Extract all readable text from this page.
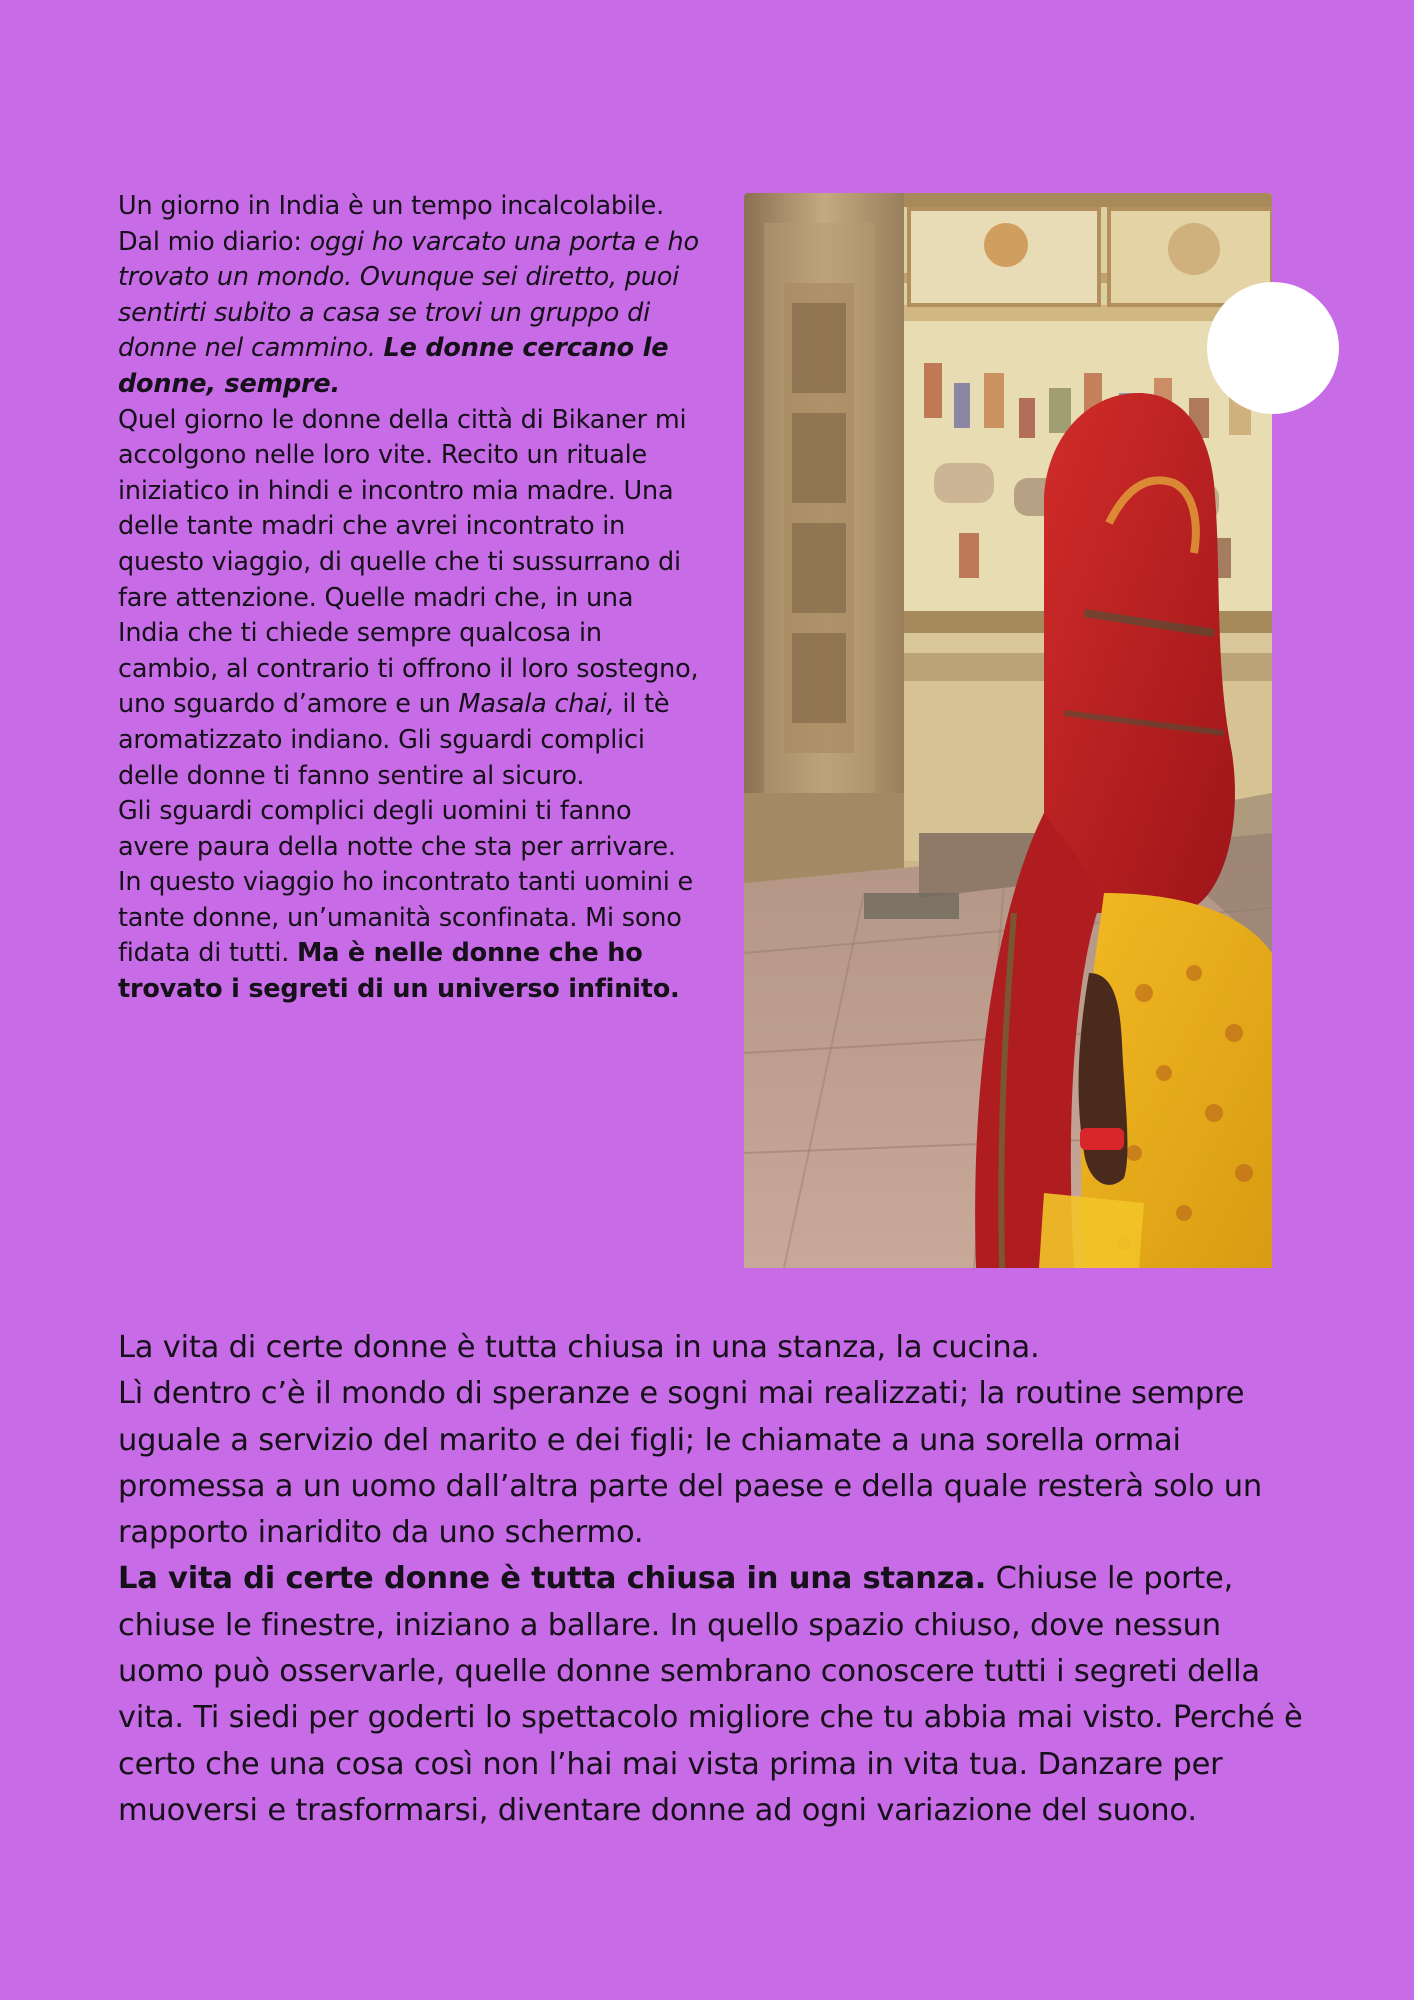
Un giorno in India è un tempo incalcolabile. Dal mio diario: oggi ho varcato una porta e ho trovato un mondo. Ovunque sei diretto, puoi sentirti subito a casa se trovi un gruppo di donne nel cammino. Le donne cercano le donne, sempre.

Quel giorno le donne della città di Bikaner mi accolgono nelle loro vite. Recito un rituale iniziatico in hindi e incontro mia madre. Una delle tante madri che avrei incontrato in questo viaggio, di quelle che ti sussurrano di fare attenzione. Quelle madri che, in una India che ti chiede sempre qualcosa in cambio, al contrario ti offrono il loro sostegno, uno sguardo d’amore e un Masala chai, il tè aromatizzato indiano. Gli sguardi complici delle donne ti fanno sentire al sicuro.

Gli sguardi complici degli uomini ti fanno avere paura della notte che sta per arrivare.

In questo viaggio ho incontrato tanti uomini e tante donne, un’umanità sconfinata. Mi sono fidata di tutti. Ma è nelle donne che ho trovato i segreti di un universo infinito.

La vita di certe donne è tutta chiusa in una stanza, la cucina.

Lì dentro c’è il mondo di speranze e sogni mai realizzati; la routine sempre uguale a servizio del marito e dei figli; le chiamate a una sorella ormai promessa a un uomo dall’altra parte del paese e della quale resterà solo un rapporto inaridito da uno schermo.

La vita di certe donne è tutta chiusa in una stanza. Chiuse le porte, chiuse le finestre, iniziano a ballare. In quello spazio chiuso, dove nessun uomo può osservarle, quelle donne sembrano conoscere tutti i segreti della vita. Ti siedi per goderti lo spettacolo migliore che tu abbia mai visto. Perché è certo che una cosa così non l’hai mai vista prima in vita tua. Danzare per muoversi e trasformarsi, diventare donne ad ogni variazione del suono.
